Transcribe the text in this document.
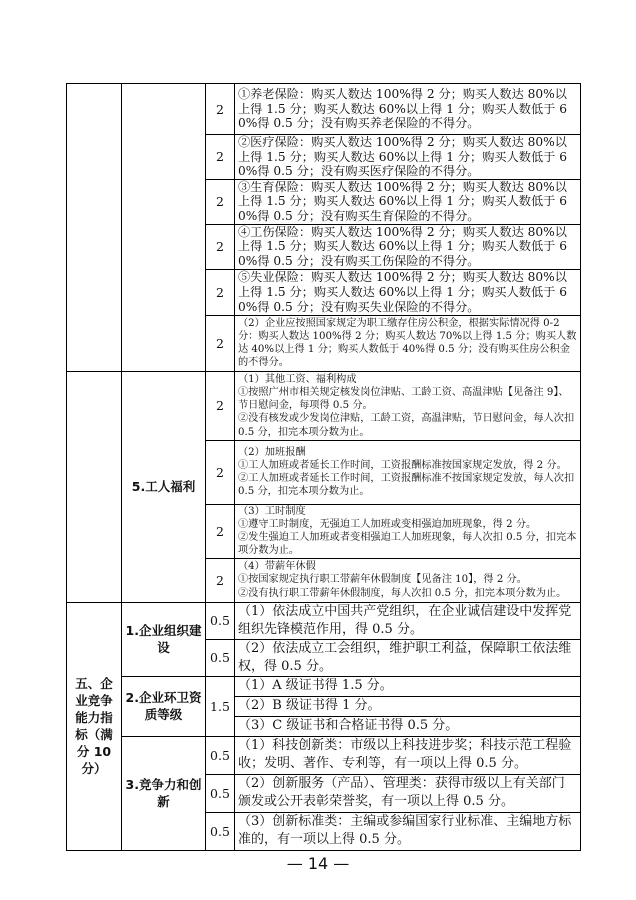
		2	①养老保险：购买人数达 100%得 2 分；购买人数达 80%以上得 1.5 分；购买人数达 60%以上得 1 分；购买人数低于 60%得 0.5 分；没有购买养老保险的不得分。
		2	②医疗保险：购买人数达 100%得 2 分；购买人数达 80%以上得 1.5 分；购买人数达 60%以上得 1 分；购买人数低于 60%得 0.5 分；没有购买医疗保险的不得分。
		2	③生育保险：购买人数达 100%得 2 分；购买人数达 80%以上得 1.5 分；购买人数达 60%以上得 1 分；购买人数低于 60%得 0.5 分；没有购买生育保险的不得分。
		2	④工伤保险：购买人数达 100%得 2 分；购买人数达 80%以上得 1.5 分；购买人数达 60%以上得 1 分；购买人数低于 60%得 0.5 分；没有购买工伤保险的不得分。
		2	⑤失业保险：购买人数达 100%得 2 分；购买人数达 80%以上得 1.5 分；购买人数达 60%以上得 1 分；购买人数低于 60%得 0.5 分；没有购买失业保险的不得分。
		2	（2）企业应按照国家规定为职工缴存住房公积金，根据实际情况得 0-2 分：购买人数达 100%得 2 分；购买人数达 70%以上得 1.5 分；购买人数达 40%以上得 1 分；购买人数低于 40%得 0.5 分；没有购买住房公积金的不得分。
	5.工人福利	2	（1）其他工资、福利构成
①按照广州市相关规定核发岗位津贴、工龄工资、高温津贴【见备注 9】、节日慰问金，每项得 0.5 分。
②没有核发或少发岗位津贴，工龄工资，高温津贴，节日慰问金，每人次扣 0.5 分，扣完本项分数为止。

		2	（2）加班报酬
①工人加班或者延长工作时间，工资报酬标准按国家规定发放，得 2 分。
②工人加班或者延长工作时间，工资报酬标准不按国家规定发放，每人次扣 0.5 分，扣完本项分数为止。

		2	（3）工时制度
①遵守工时制度，无强迫工人加班或变相强迫加班现象，得 2 分。
②发生强迫工人加班或者变相强迫工人加班现象，每人次扣 0.5 分，扣完本项分数为止。

		2	（4）带薪年休假
①按国家规定执行职工带薪年休假制度【见备注 10】，得 2 分。
②没有执行职工带薪年休假制度，每人次扣 0.5 分，扣完本项分数为止。

五、企业竞争能力指标（满分 10 分）	1.企业组织建设	0.5	（1）依法成立中国共产党组织，在企业诚信建设中发挥党组织先锋模范作用，得 0.5 分。
		0.5	（2）依法成立工会组织，维护职工利益，保障职工依法维权，得 0.5 分。
	2.企业环卫资质等级	1.5	（1）A 级证书得 1.5 分。
			（2）B 级证书得 1 分。
			（3）C 级证书和合格证书得 0.5 分。
	3.竞争力和创新	0.5	（1）科技创新类：市级以上科技进步奖；科技示范工程验收；发明、著作、专利等，有一项以上得 0.5 分。
		0.5	（2）创新服务（产品）、管理类：获得市级以上有关部门颁发或公开表彰荣誉奖，有一项以上得 0.5 分。
		0.5	（3）创新标准类：主编或参编国家行业标准、主编地方标准的，有一项以上得 0.5 分。
— 14 —
